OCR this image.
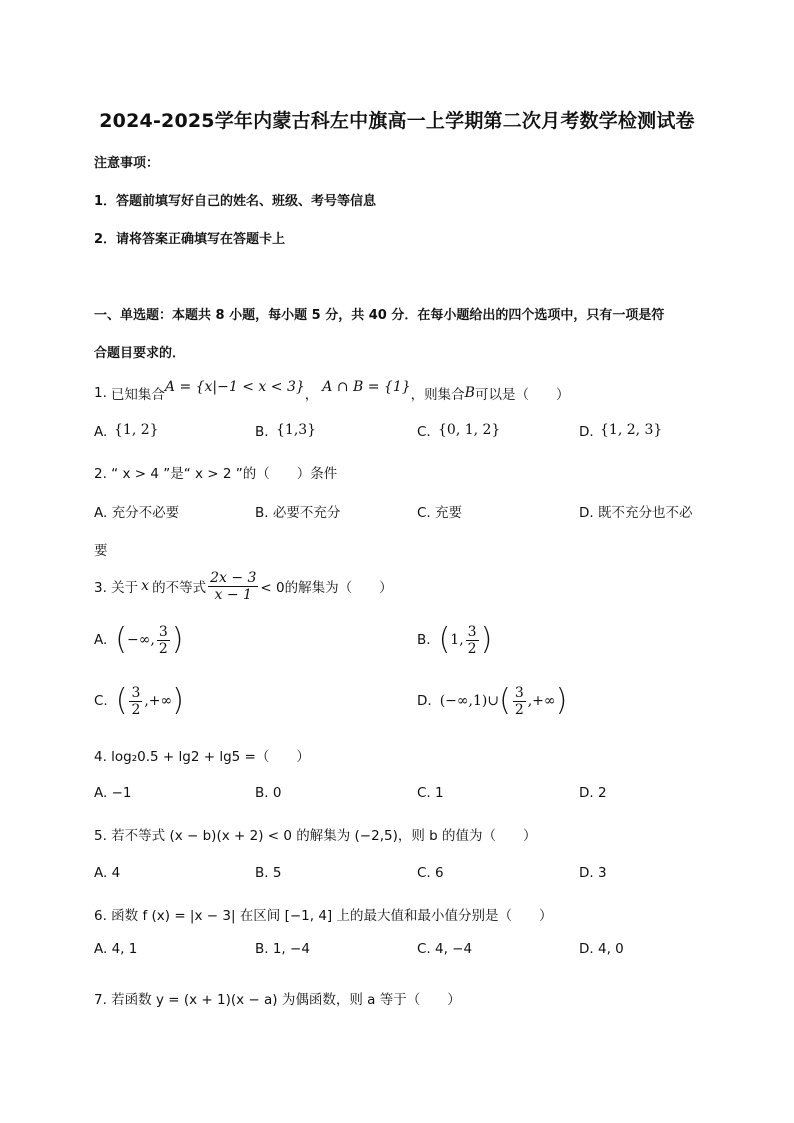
2024-2025学年内蒙古科左中旗高一上学期第二次月考数学检测试卷
注意事项：
1．答题前填写好自己的姓名、班级、考号等信息
2．请将答案正确填写在答题卡上
一、单选题：本题共 8 小题，每小题 5 分，共 40 分．在每小题给出的四个选项中，只有一项是符
合题目要求的．
1. 已知集合 A = {x|−1 < x < 3} ， A ∩ B = {1} ，则集合 B 可以是（　　）
A. {1, 2}	B. {1,3}	C. {0, 1, 2}	D. {1, 2, 3}
2. “ x > 4 ”是“ x > 2 ”的（　　）条件
A. 充分不必要	B. 必要不充分	C. 充要	D. 既不充分也不必
要
3. 关于 x 的不等式 $\frac{2x - 3}{x - 1} < 0$的解集为（　　）
A. ( −∞, $\frac{3}{2}$ )	B. ( 1, $\frac{3}{2}$ )
C. ( $\frac{3}{2}$ ,+∞ )	D. (−∞,1)∪ ( $\frac{3}{2}$ ,+∞ )
4. log₂0.5 + lg2 + lg5 =（　　）
A. −1	B. 0	C. 1	D. 2
5. 若不等式 (x − b)(x + 2) < 0 的解集为 (−2,5)，则 b 的值为（　　）
A. 4	B. 5	C. 6	D. 3
6. 函数 f (x) = |x − 3| 在区间 [−1, 4] 上的最大值和最小值分别是（　　）
A. 4, 1	B. 1, −4	C. 4, −4	D. 4, 0
7. 若函数 y = (x + 1)(x − a) 为偶函数，则 a 等于（　　）
